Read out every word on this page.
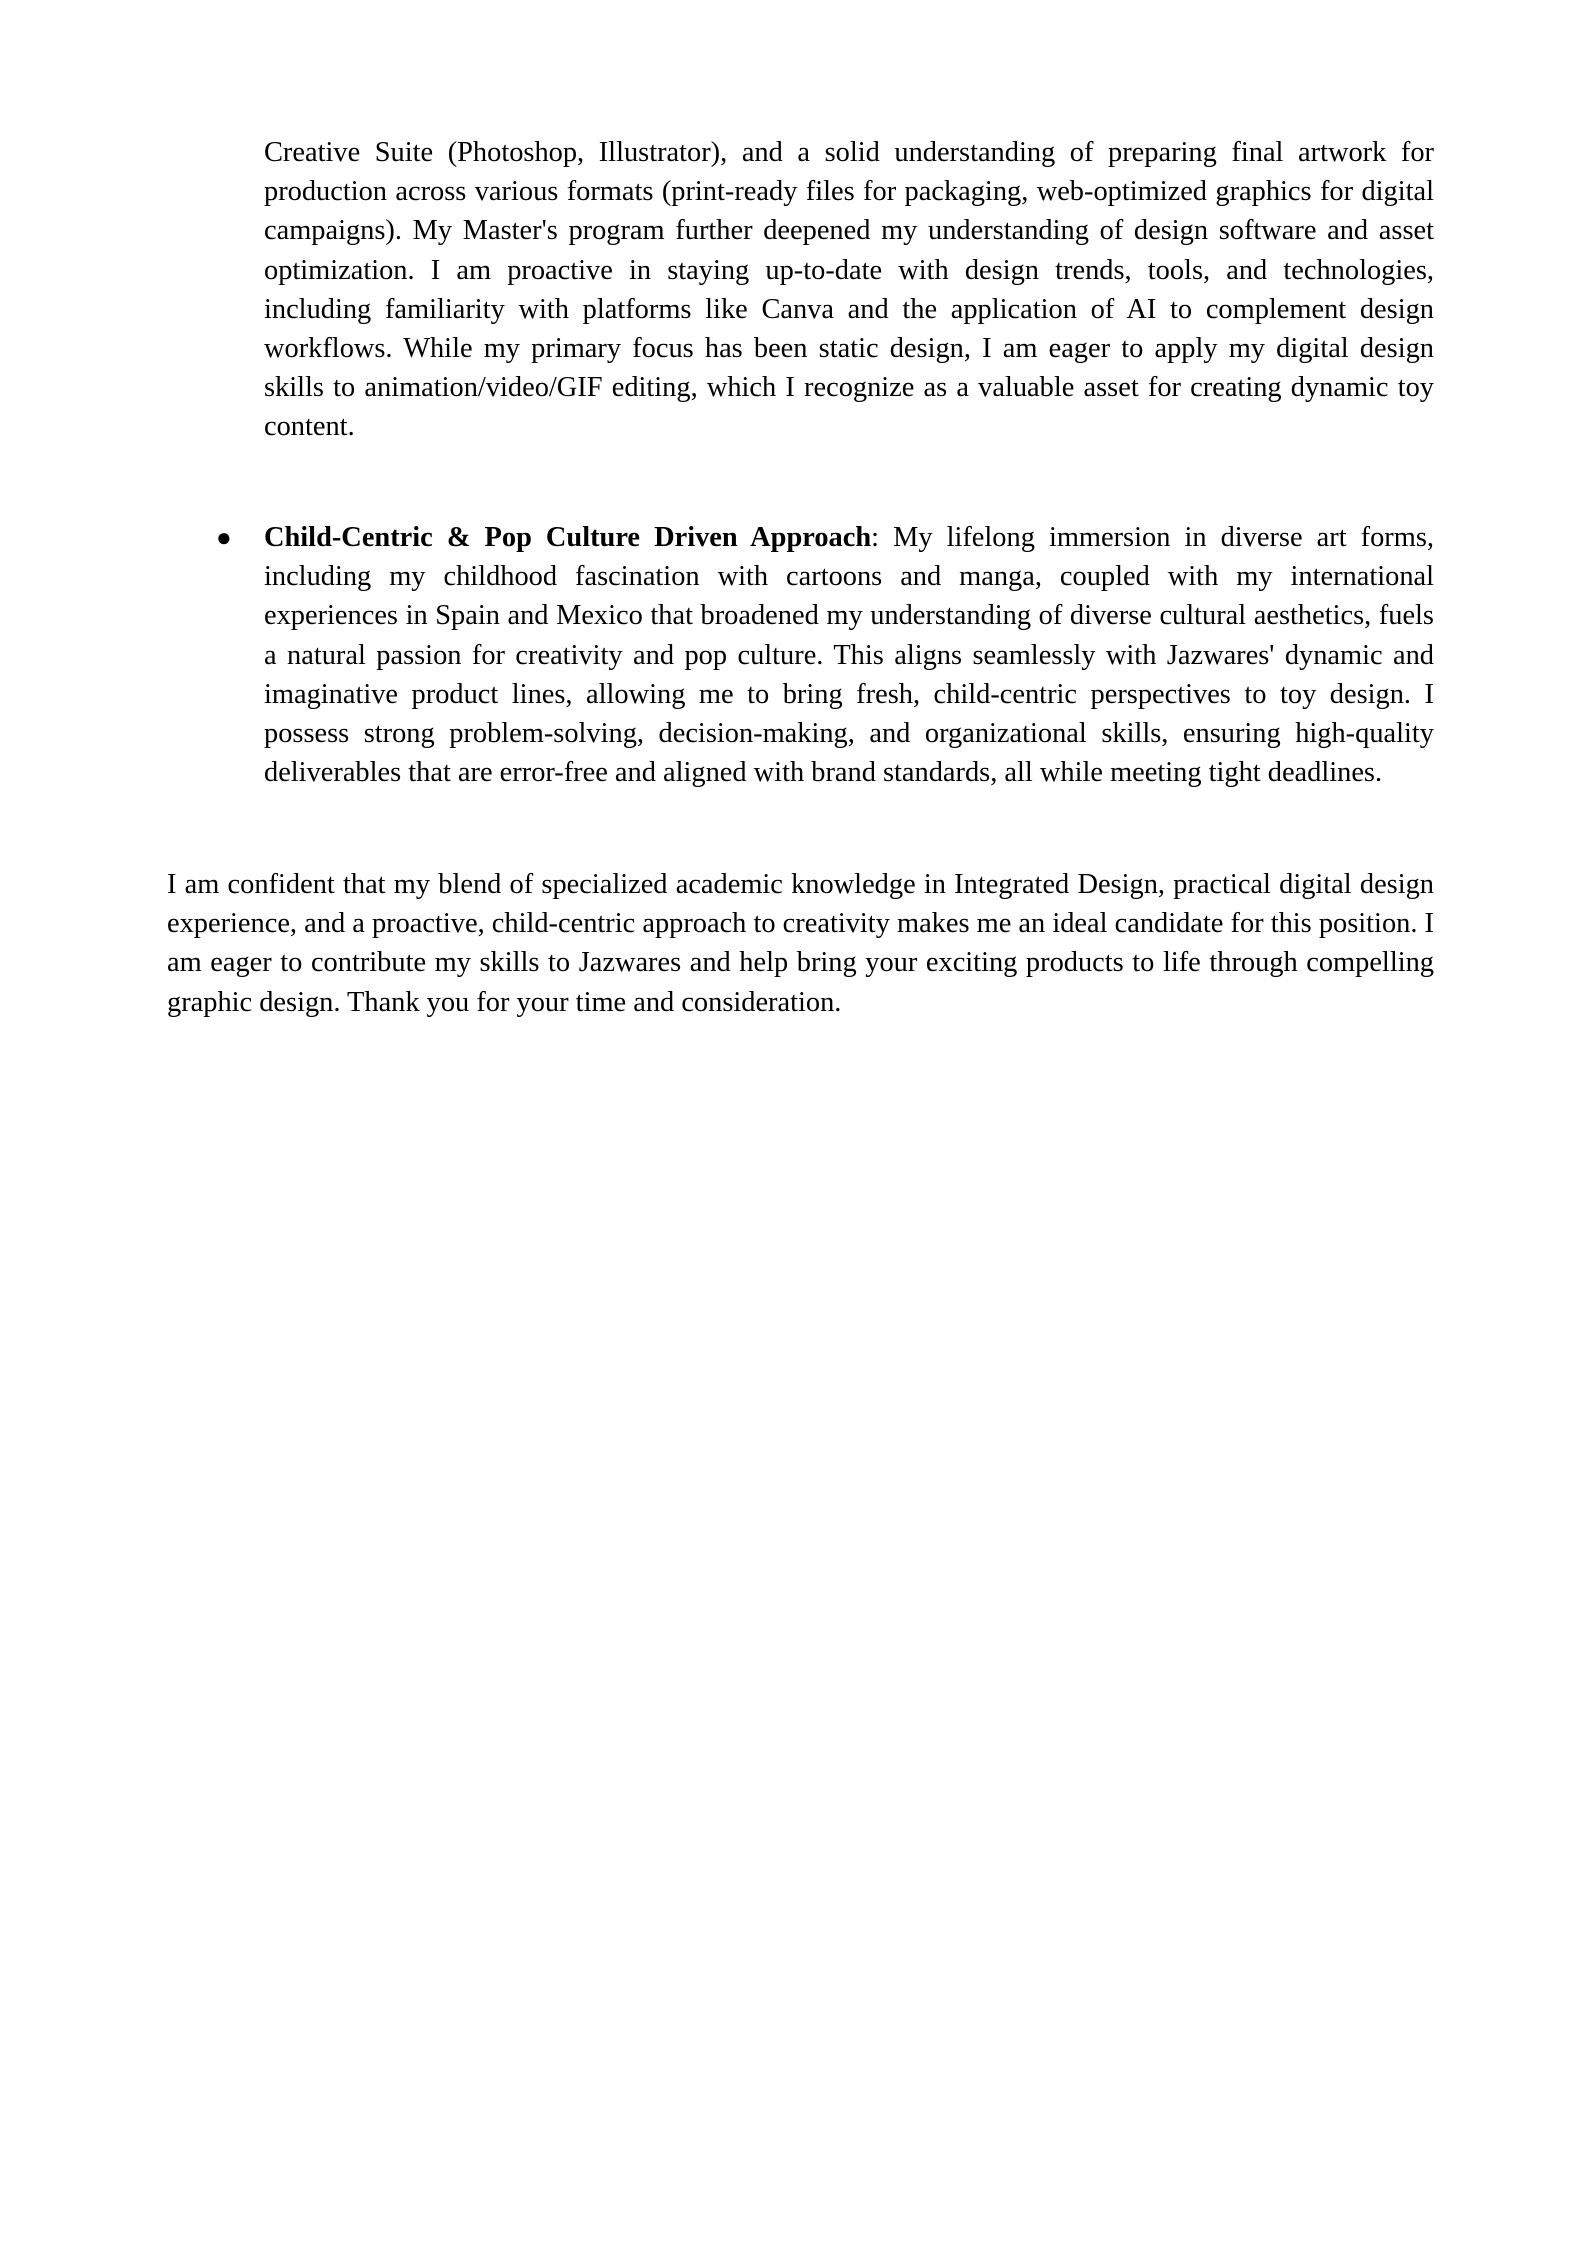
Creative Suite (Photoshop, Illustrator), and a solid understanding of preparing final artwork for production across various formats (print-ready files for packaging, web-optimized graphics for digital campaigns). My Master's program further deepened my understanding of design software and asset optimization. I am proactive in staying up-to-date with design trends, tools, and technologies, including familiarity with platforms like Canva and the application of AI to complement design workflows. While my primary focus has been static design, I am eager to apply my digital design skills to animation/video/GIF editing, which I recognize as a valuable asset for creating dynamic toy content.

●	Child-Centric & Pop Culture Driven Approach: My lifelong immersion in diverse art forms, including my childhood fascination with cartoons and manga, coupled with my international experiences in Spain and Mexico that broadened my understanding of diverse cultural aesthetics, fuels a natural passion for creativity and pop culture. This aligns seamlessly with Jazwares' dynamic and imaginative product lines, allowing me to bring fresh, child-centric perspectives to toy design. I possess strong problem-solving, decision-making, and organizational skills, ensuring high-quality deliverables that are error-free and aligned with brand standards, all while meeting tight deadlines.

I am confident that my blend of specialized academic knowledge in Integrated Design, practical digital design experience, and a proactive, child-centric approach to creativity makes me an ideal candidate for this position. I am eager to contribute my skills to Jazwares and help bring your exciting products to life through compelling graphic design. Thank you for your time and consideration.
